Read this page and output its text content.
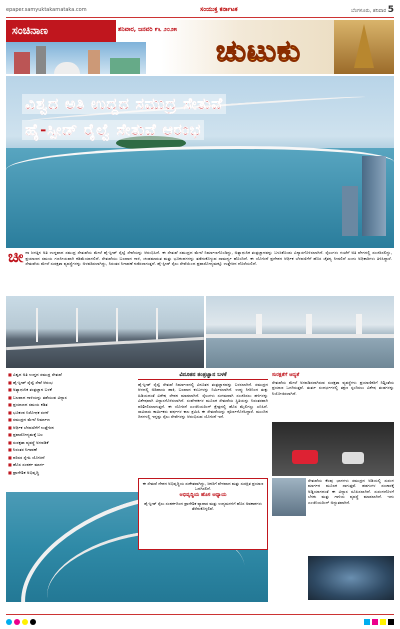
epaper.samyuktakarnataka.com	ಸಂಯುಕ್ತ ಕರ್ನಾಟಕ	ಬೆಂಗಳೂರು, ಶನಿವಾರ 5
ಸಂಚಿನಾಣ	ಶನಿವಾರ, ಜನವರಿ ೯೬ ೨೦೨೫
ಚುಟುಕು
ವಿಶ್ವದ ಅತಿ ಉದ್ದದ ಸಮುದ್ರ ಸೇತುವೆ
ಹೈ-ಸ್ಪೀಡ್ ರೈಲ್ವೆ ಸೇತುವೆ ಆರಂಭ
ಚೀ ನಾ ಜಗತ್ತಿನ ಅತಿ ಉದ್ದವಾದ ಸಮುದ್ರ ಸೇತುವೆಯ ಮೇಲೆ ಹೈ-ಸ್ಪೀಡ್ ರೈಲ್ವೆ ಸೇವೆಯನ್ನು ಆರಂಭಿಸಿದೆ. ಈ ಸೇತುವೆ ಸಮುದ್ರದ ಮೇಲೆ ನಿರ್ಮಾಣಗೊಂಡಿದ್ದು, ಅತ್ಯಾಧುನಿಕ ತಂತ್ರಜ್ಞಾನವನ್ನು ಬಳಸಿಕೊಂಡು ವಿನ್ಯಾಸಗೊಳಿಸಲಾಗಿದೆ. ರೈಲುಗಳು ಗಂಟೆಗೆ ಅತಿ ವೇಗದಲ್ಲಿ ಸಂಚರಿಸಲಿದ್ದು, ಪ್ರಯಾಣದ ಸಮಯ ಗಣನೀಯವಾಗಿ ಕಡಿಮೆಯಾಗಲಿದೆ. ಸೇತುವೆಯು ಬಲವಾದ ಗಾಳಿ, ಚಂಡಮಾರುತ ಮತ್ತು ಭೂಕಂಪಗಳನ್ನು ತಡೆದುಕೊಳ್ಳುವ ಸಾಮರ್ಥ್ಯ ಹೊಂದಿದೆ. ಈ ಯೋಜನೆ ಪ್ರದೇಶದ ಆರ್ಥಿಕ ಬೆಳವಣಿಗೆಗೆ ಹೊಸ ಚೈತನ್ಯ ನೀಡಲಿದೆ ಎಂದು ಅಧಿಕಾರಿಗಳು ತಿಳಿಸಿದ್ದಾರೆ. ಸೇತುವೆಯ ಮೇಲೆ ಸುರಕ್ಷತಾ ವ್ಯವಸ್ಥೆಗಳನ್ನು ಅಳವಡಿಸಲಾಗಿದ್ದು, ನಿರಂತರ ನಿಗಾವಣೆ ನಡೆಸಲಾಗುತ್ತದೆ. ಹೈ-ಸ್ಪೀಡ್ ರೈಲು ಸೇವೆಯಿಂದ ಪ್ರವಾಸೋದ್ಯಮಕ್ಕೂ ಉತ್ತೇಜನ ದೊರೆಯಲಿದೆ.
■ ವಿಶ್ವದ ಅತಿ ಉದ್ದದ ಸಮುದ್ರ ಸೇತುವೆ
■ ಹೈ-ಸ್ಪೀಡ್ ರೈಲ್ವೆ ಸೇವೆ ಆರಂಭ
■ ಅತ್ಯಾಧುನಿಕ ತಂತ್ರಜ್ಞಾನ ಬಳಕೆ
■ ಬಲವಾದ ಗಾಳಿಯನ್ನು ತಡೆಯುವ ವಿನ್ಯಾಸ
■ ಪ್ರಯಾಣದ ಸಮಯ ಕಡಿತ
■ ಭೂಕಂಪ ನಿರೋಧಕ ರಚನೆ
■ ಸಮುದ್ರದ ಮೇಲೆ ನಿರ್ಮಾಣ
■ ಆರ್ಥಿಕ ಬೆಳವಣಿಗೆಗೆ ಉತ್ತೇಜನ
■ ಪ್ರವಾಸೋದ್ಯಮಕ್ಕೆ ಬಲ
■ ಸುರಕ್ಷತಾ ವ್ಯವಸ್ಥೆ ಅಳವಡಿಕೆ
■ ನಿರಂತರ ನಿಗಾವಣೆ
■ ಪರಿಸರ ಸ್ನೇಹಿ ಯೋಜನೆ
■ ಹೊಸ ಸಂಪರ್ಕ ಮಾರ್ಗ
■ ಪ್ರಾದೇಶಿಕ ಅಭಿವೃದ್ಧಿ
ವಿನೂತನ ತಂತ್ರಜ್ಞಾನ ಬಳಕೆ
ಹೈ-ಸ್ಪೀಡ್ ರೈಲ್ವೆ ಸೇತುವೆ ನಿರ್ಮಾಣದಲ್ಲಿ ವಿನೂತನ ತಂತ್ರಜ್ಞಾನವನ್ನು ಬಳಸಲಾಗಿದೆ. ಸಮುದ್ರದ ಆಳದಲ್ಲಿ ಅಡಿಪಾಯ ಹಾಕಿ, ಬಲವಾದ ಕಂಬಗಳನ್ನು ನಿರ್ಮಿಸಲಾಗಿದೆ. ಉಪ್ಪು ನೀರಿನಿಂದ ತುಕ್ಕು ಹಿಡಿಯದಂತೆ ವಿಶೇಷ ಲೇಪನ ಮಾಡಲಾಗಿದೆ. ರೈಲುಗಳು ಸುಗಮವಾಗಿ ಸಂಚರಿಸಲು ಹಳಿಗಳನ್ನು ವಿಶೇಷವಾಗಿ ವಿನ್ಯಾಸಗೊಳಿಸಲಾಗಿದೆ. ಸಂವೇದಕಗಳ ಮೂಲಕ ಸೇತುವೆಯ ಸ್ಥಿತಿಯನ್ನು ನಿರಂತರವಾಗಿ ಪರಿಶೀಲಿಸಲಾಗುತ್ತದೆ. ಈ ಯೋಜನೆ ಎಂಜಿನಿಯರಿಂಗ್ ಕ್ಷೇತ್ರದಲ್ಲಿ ಹೊಸ ಮೈಲಿಗಲ್ಲು ಎನಿಸಿದೆ. ಸಾವಿರಾರು ಕಾರ್ಮಿಕರು ವರ್ಷಗಳ ಕಾಲ ಶ್ರಮಿಸಿ ಈ ಸೇತುವೆಯನ್ನು ಪೂರ್ಣಗೊಳಿಸಿದ್ದಾರೆ. ಮುಂದಿನ ದಿನಗಳಲ್ಲಿ ಇನ್ನಷ್ಟು ರೈಲು ಸೇವೆಗಳನ್ನು ಆರಂಭಿಸುವ ಯೋಜನೆ ಇದೆ.
ಸುರಕ್ಷತೆಗೆ ಆದ್ಯತೆ
ಸೇತುವೆಯ ಮೇಲೆ ಅಳವಡಿಸಲಾಗಿರುವ ಸುರಕ್ಷತಾ ವ್ಯವಸ್ಥೆಗಳು ಪ್ರಯಾಣಿಕರಿಗೆ ನಿಶ್ಚಿಂತೆಯ ಪ್ರಯಾಣ ಒದಗಿಸುತ್ತವೆ. ತುರ್ತು ಸಂದರ್ಭಗಳಲ್ಲಿ ತಕ್ಷಣ ಸ್ಪಂದಿಸಲು ವಿಶೇಷ ತಂಡಗಳನ್ನು ನಿಯೋಜಿಸಲಾಗಿದೆ.
ಸೇತುವೆಯ ಕೆಲವು ಭಾಗಗಳು ಸಮುದ್ರದ ಅಡಿಯಲ್ಲಿ ಸುರಂಗ ಮಾರ್ಗದ ಮೂಲಕ ಸಾಗುತ್ತವೆ. ಹಡಗುಗಳ ಸಂಚಾರಕ್ಕೆ ಅಡ್ಡಿಯಾಗದಂತೆ ಈ ವಿನ್ಯಾಸ ರೂಪಿಸಲಾಗಿದೆ. ಸುರಂಗದೊಳಗೆ ಬೆಳಕು ಮತ್ತು ಗಾಳಿಯ ವ್ಯವಸ್ಥೆ ಮಾಡಲಾಗಿದೆ. ಇದು ಎಂಜಿನಿಯರಿಂಗ್ ಅದ್ಭುತವಾಗಿದೆ.
ಈ ಸೇತುವೆ ದೇಶದ ಅಭಿವೃದ್ಧಿಯ ಸಂಕೇತವಾಗಿದ್ದು, ಜನರಿಗೆ ವೇಗವಾದ ಮತ್ತು ಸುರಕ್ಷಿತ ಪ್ರಯಾಣ ಒದಗಿಸಲಿದೆ.
ಅಭಿವೃದ್ಧಿಯ ಹೊಸ ಅಧ್ಯಾಯ
ಹೈ-ಸ್ಪೀಡ್ ರೈಲು ಸಂಪರ್ಕದಿಂದ ಪ್ರಾದೇಶಿಕ ವ್ಯಾಪಾರ ಮತ್ತು ಉದ್ಯಮಗಳಿಗೆ ಹೊಸ ಅವಕಾಶಗಳು ತೆರೆದುಕೊಳ್ಳಲಿವೆ.
